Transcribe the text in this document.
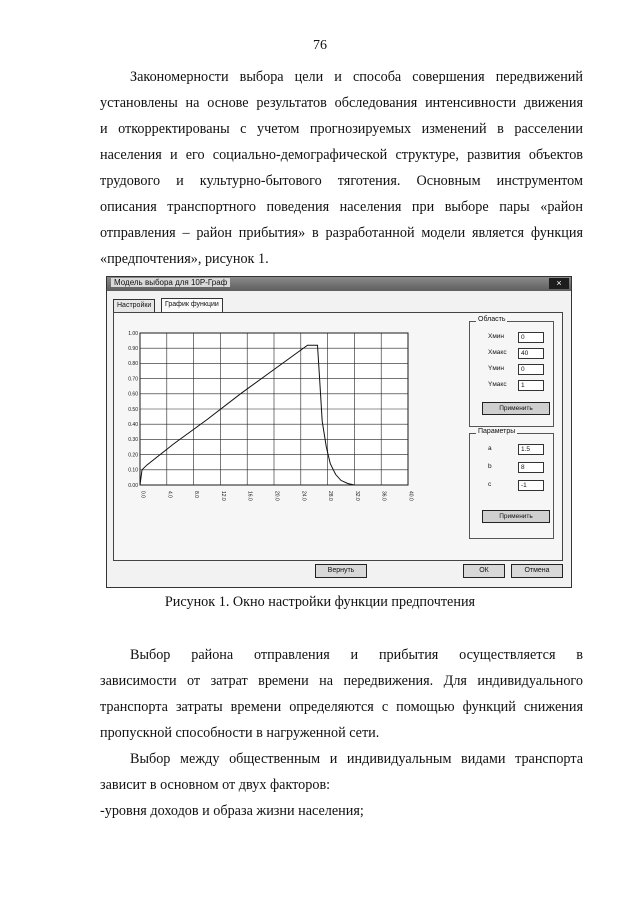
76
Закономерности выбора цели и способа совершения передвижений
установлены на основе результатов обследования интенсивности движения
и откорректированы с учетом прогнозируемых изменений в расселении
населения и его социально-демографической структуре, развития объектов
трудового и культурно-бытового тяготения. Основным инструментом
описания транспортного поведения населения при выборе пары «район
отправления – район прибытия» в разработанной модели является функция
«предпочтения», рисунок 1.
Модель выбора для 10Р-Граф	×
Настройки	График функции
0.00
0.10
0.20
0.30
0.40
0.50
0.60
0.70
0.80
0.90
1.00
0.0	4.0	8.0	12.0	16.0	20.0	24.0	28.0	32.0	36.0	40.0
Область
Xмин	0
Xмакс	40
Yмин	0
Yмакс	1
Применить
Параметры
a	1.5
b	8
c	-1
Применить
Вернуть	ОК	Отмена
Рисунок 1. Окно настройки функции предпочтения
Выбор района отправления и прибытия осуществляется в
зависимости от затрат времени на передвижения. Для индивидуального
транспорта затраты времени определяются с помощью функций снижения
пропускной способности в нагруженной сети.
Выбор между общественным и индивидуальным видами транспорта
зависит в основном от двух факторов:
-уровня доходов и образа жизни населения;
